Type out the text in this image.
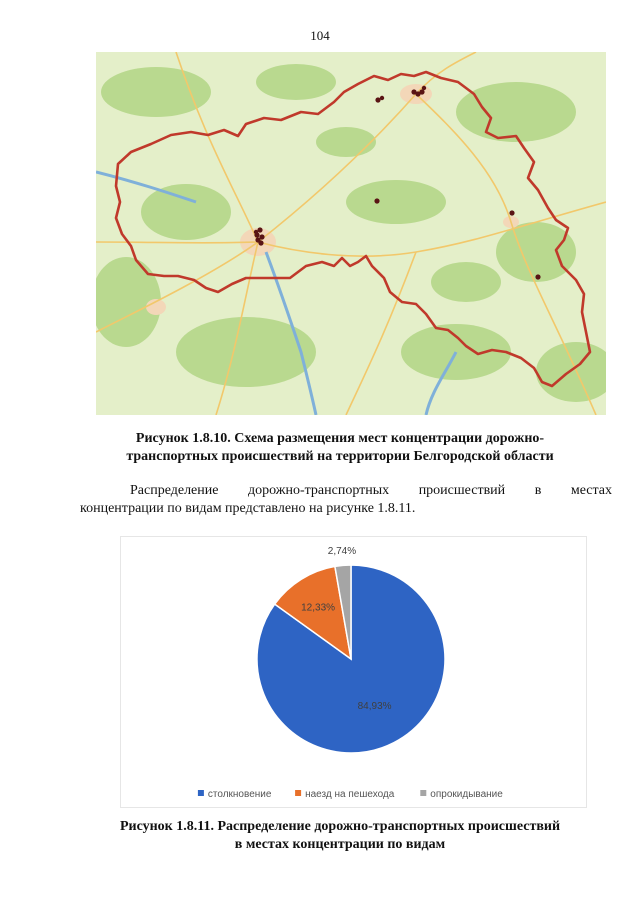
104
Рисунок 1.8.10. Схема размещения мест концентрации дорожно-
транспортных происшествий на территории Белгородской области
Распределение дорожно-транспортных происшествий в местах
концентрации по видам представлено на рисунке 1.8.11.
84,93%
12,33%
2,74%
столкновение	наезд на пешехода	опрокидывание
Рисунок 1.8.11. Распределение дорожно-транспортных происшествий
в местах концентрации по видам
